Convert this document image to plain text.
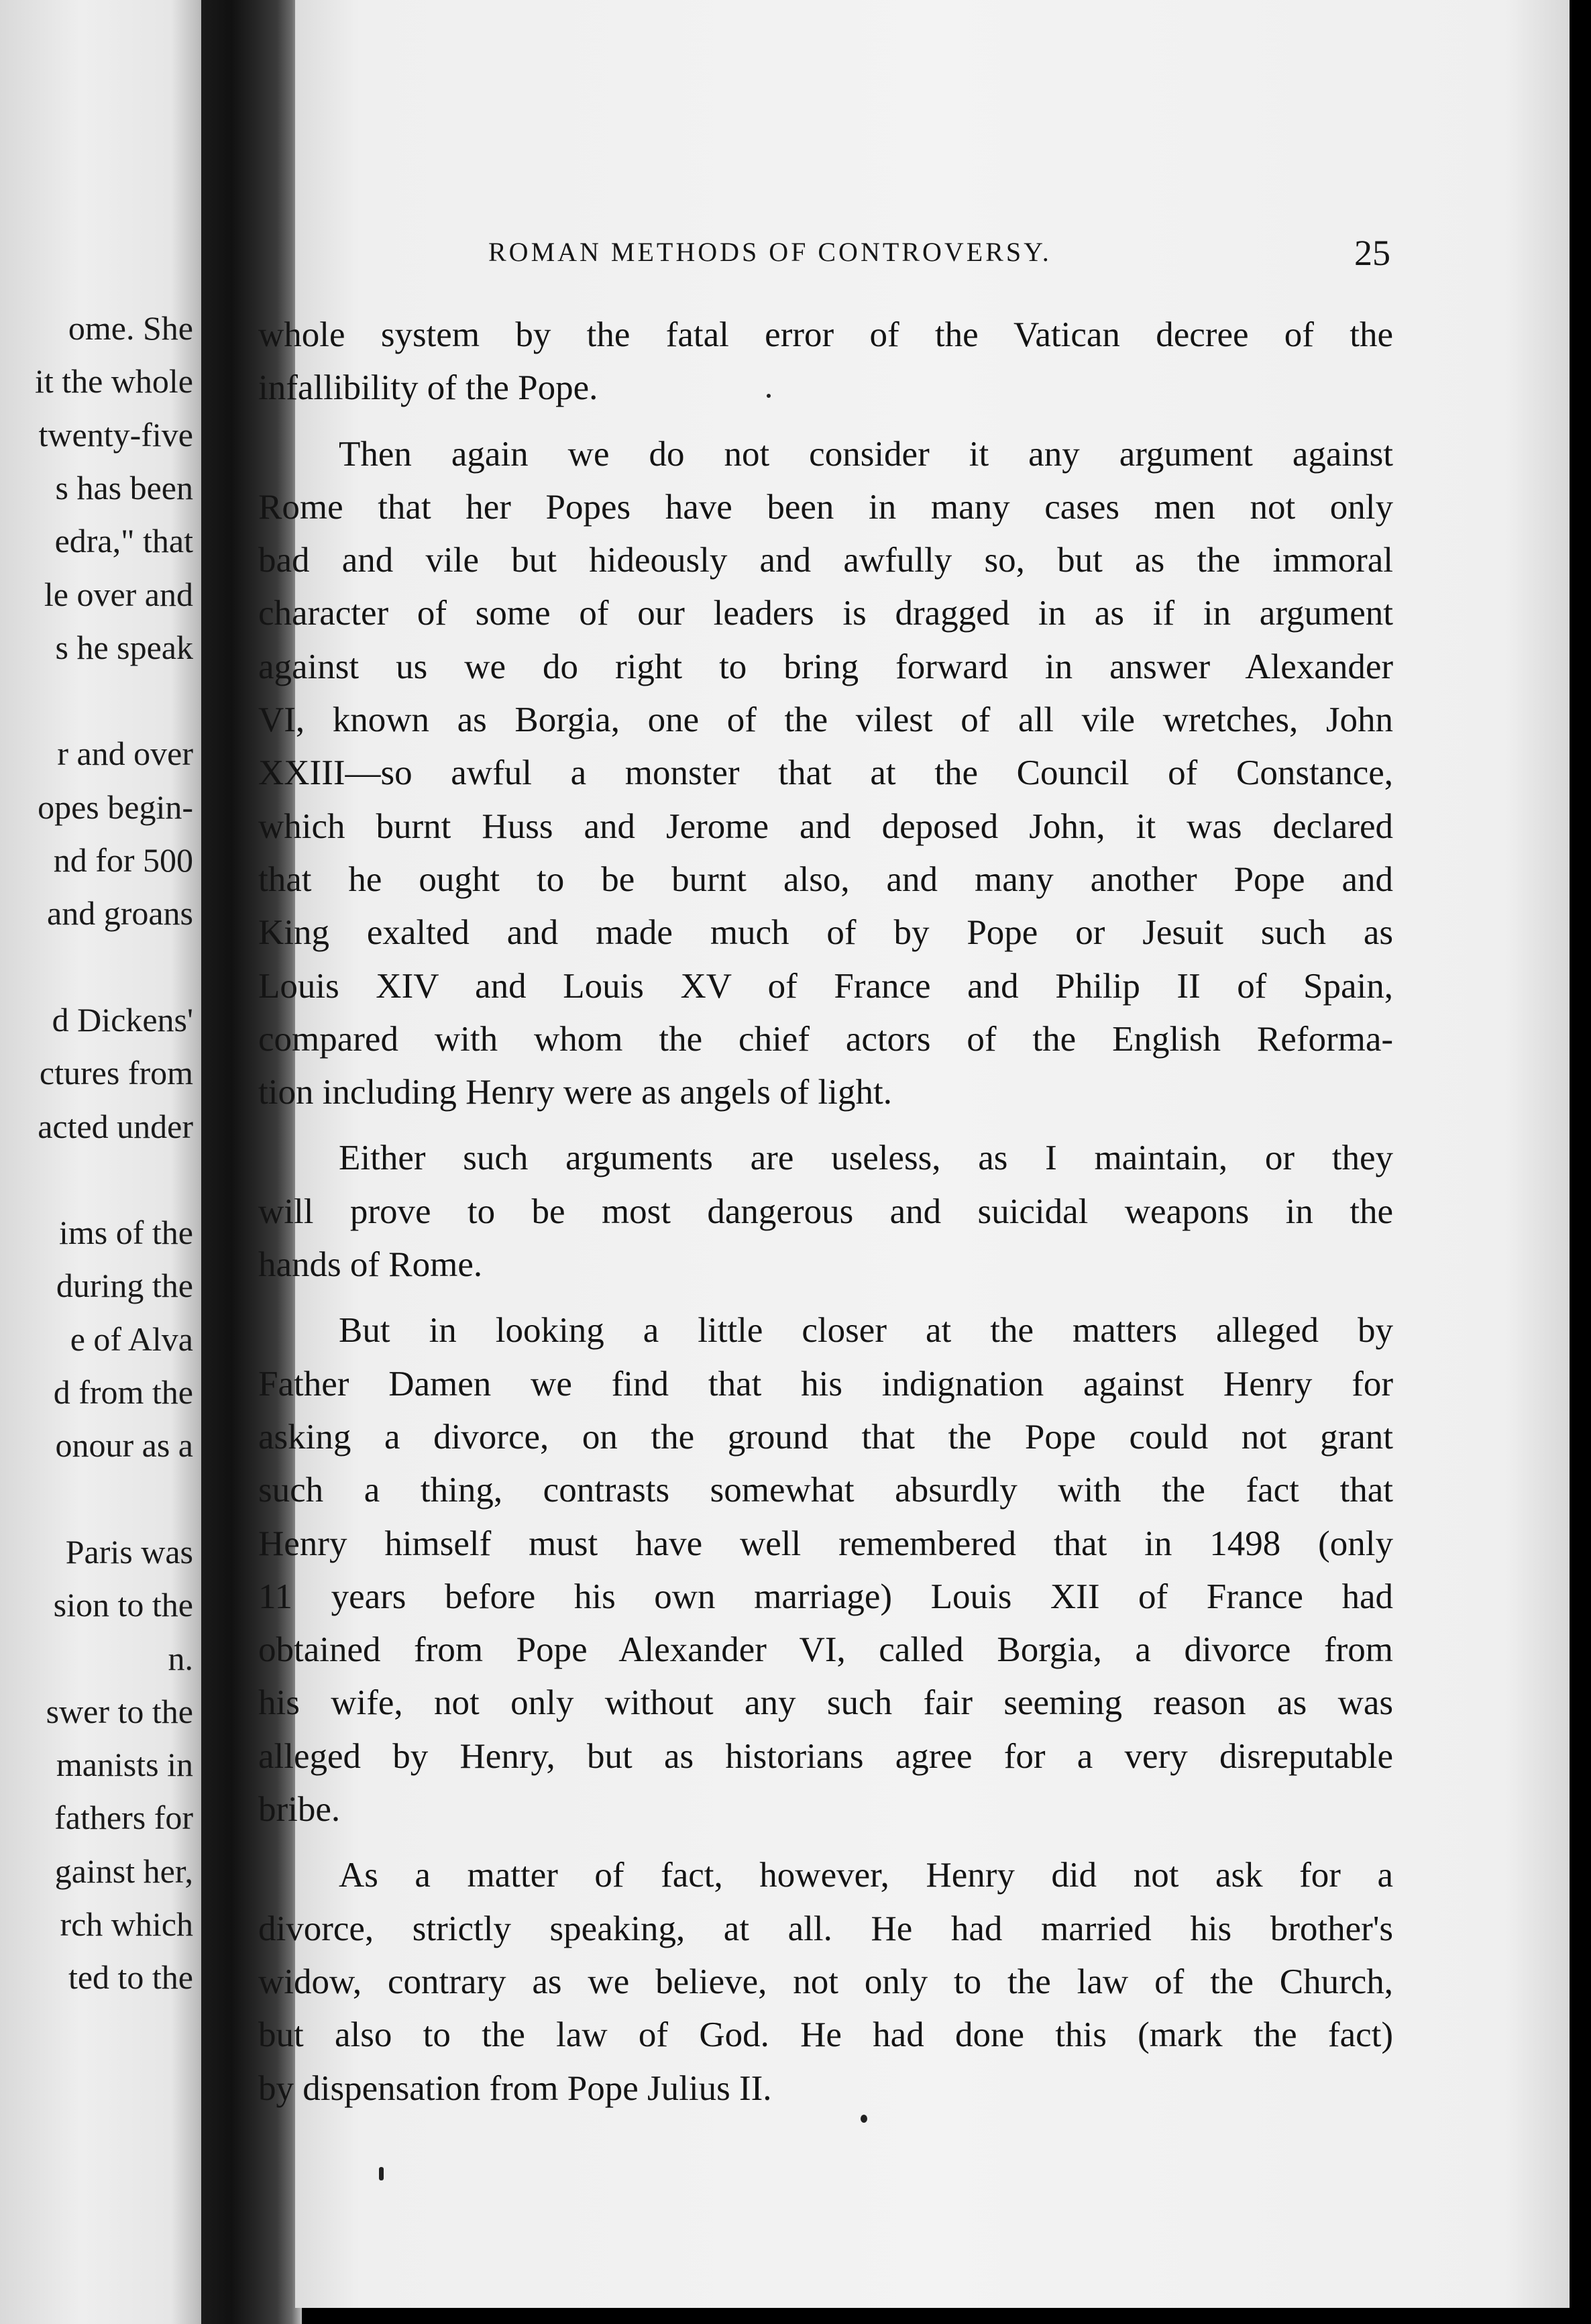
ome. She
it the whole
twenty-five
s has been
edra," that
le over and
s he speak
r and over
opes begin-
nd for 500
and groans
d Dickens'
ctures from
acted under
ims of the
during the
e of Alva
d from the
onour as a
Paris was
sion to the
n.
swer to the
manists in
fathers for
gainst her,
rch which
ted to the
ROMAN METHODS OF CONTROVERSY.	25
whole system by the fatal error of the Vatican decree of the
infallibility of the Pope.
Then again we do not consider it any argument against
Rome that her Popes have been in many cases men not only
bad and vile but hideously and awfully so, but as the immoral
character of some of our leaders is dragged in as if in argument
against us we do right to bring forward in answer Alexander
VI, known as Borgia, one of the vilest of all vile wretches, John
XXIII—so awful a monster that at the Council of Constance,
which burnt Huss and Jerome and deposed John, it was declared
that he ought to be burnt also, and many another Pope and
King exalted and made much of by Pope or Jesuit such as
Louis XIV and Louis XV of France and Philip II of Spain,
compared with whom the chief actors of the English Reforma-
tion including Henry were as angels of light.
Either such arguments are useless, as I maintain, or they
will prove to be most dangerous and suicidal weapons in the
hands of Rome.
But in looking a little closer at the matters alleged by
Father Damen we find that his indignation against Henry for
asking a divorce, on the ground that the Pope could not grant
such a thing, contrasts somewhat absurdly with the fact that
Henry himself must have well remembered that in 1498 (only
11 years before his own marriage) Louis XII of France had
obtained from Pope Alexander VI, called Borgia, a divorce from
his wife, not only without any such fair seeming reason as was
alleged by Henry, but as historians agree for a very disreputable
bribe.
As a matter of fact, however, Henry did not ask for a
divorce, strictly speaking, at all. He had married his brother's
widow, contrary as we believe, not only to the law of the Church,
but also to the law of God. He had done this (mark the fact)
by dispensation from Pope Julius II.
